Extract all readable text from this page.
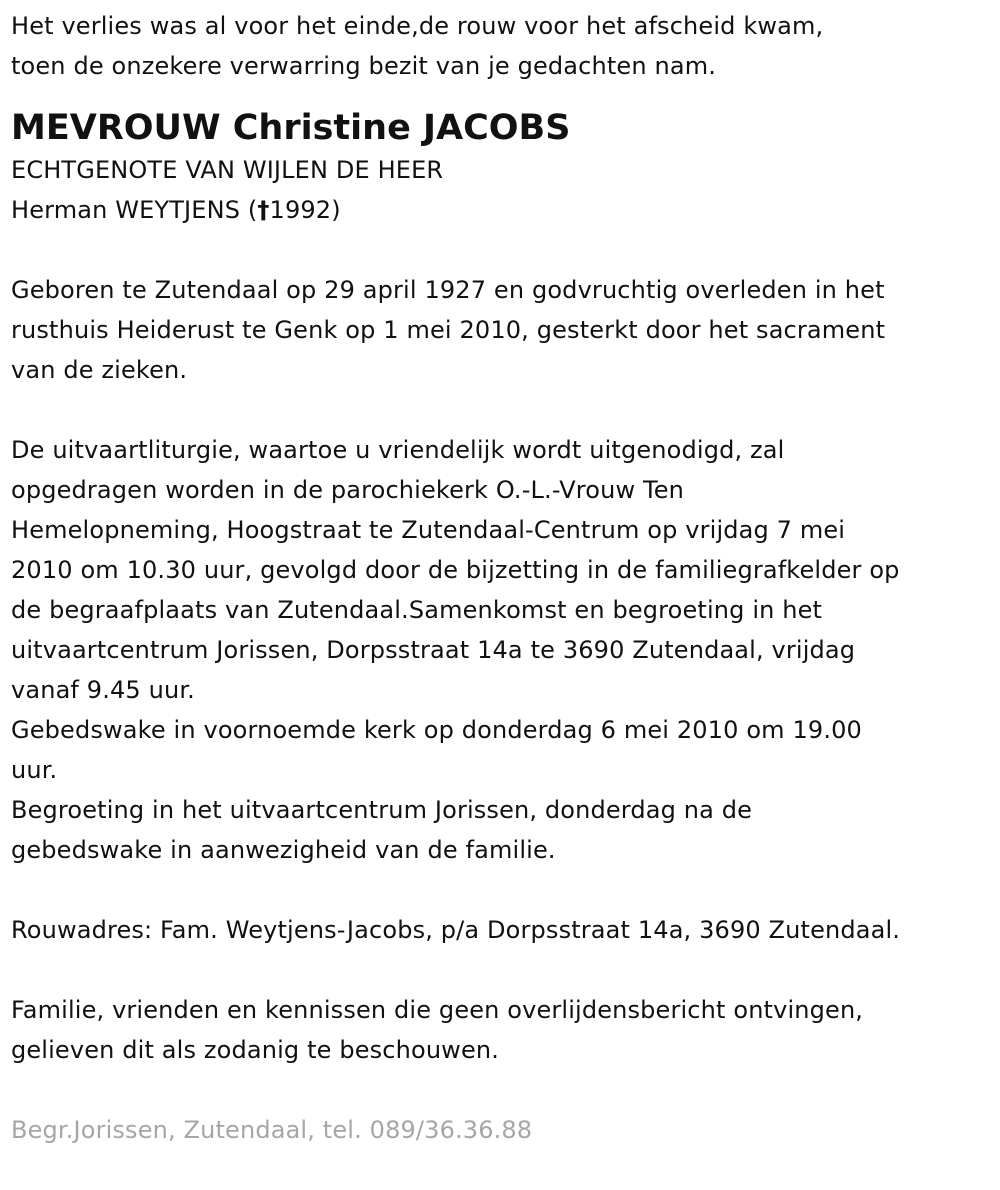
Het verlies was al voor het einde,de rouw voor het afscheid kwam,
toen de onzekere verwarring bezit van je gedachten nam.
MEVROUW Christine JACOBS
ECHTGENOTE VAN WIJLEN DE HEER
Herman WEYTJENS (†1992)
Geboren te Zutendaal op 29 april 1927 en godvruchtig overleden in het
rusthuis Heiderust te Genk op 1 mei 2010, gesterkt door het sacrament
van de zieken.
De uitvaartliturgie, waartoe u vriendelijk wordt uitgenodigd, zal
opgedragen worden in de parochiekerk O.-L.-Vrouw Ten
Hemelopneming, Hoogstraat te Zutendaal-Centrum op vrijdag 7 mei
2010 om 10.30 uur, gevolgd door de bijzetting in de familiegrafkelder op
de begraafplaats van Zutendaal.Samenkomst en begroeting in het
uitvaartcentrum Jorissen, Dorpsstraat 14a te 3690 Zutendaal, vrijdag
vanaf 9.45 uur.
Gebedswake in voornoemde kerk op donderdag 6 mei 2010 om 19.00
uur.
Begroeting in het uitvaartcentrum Jorissen, donderdag na de
gebedswake in aanwezigheid van de familie.
Rouwadres: Fam. Weytjens-Jacobs, p/a Dorpsstraat 14a, 3690 Zutendaal.
Familie, vrienden en kennissen die geen overlijdensbericht ontvingen,
gelieven dit als zodanig te beschouwen.
Begr.Jorissen, Zutendaal, tel. 089/36.36.88
